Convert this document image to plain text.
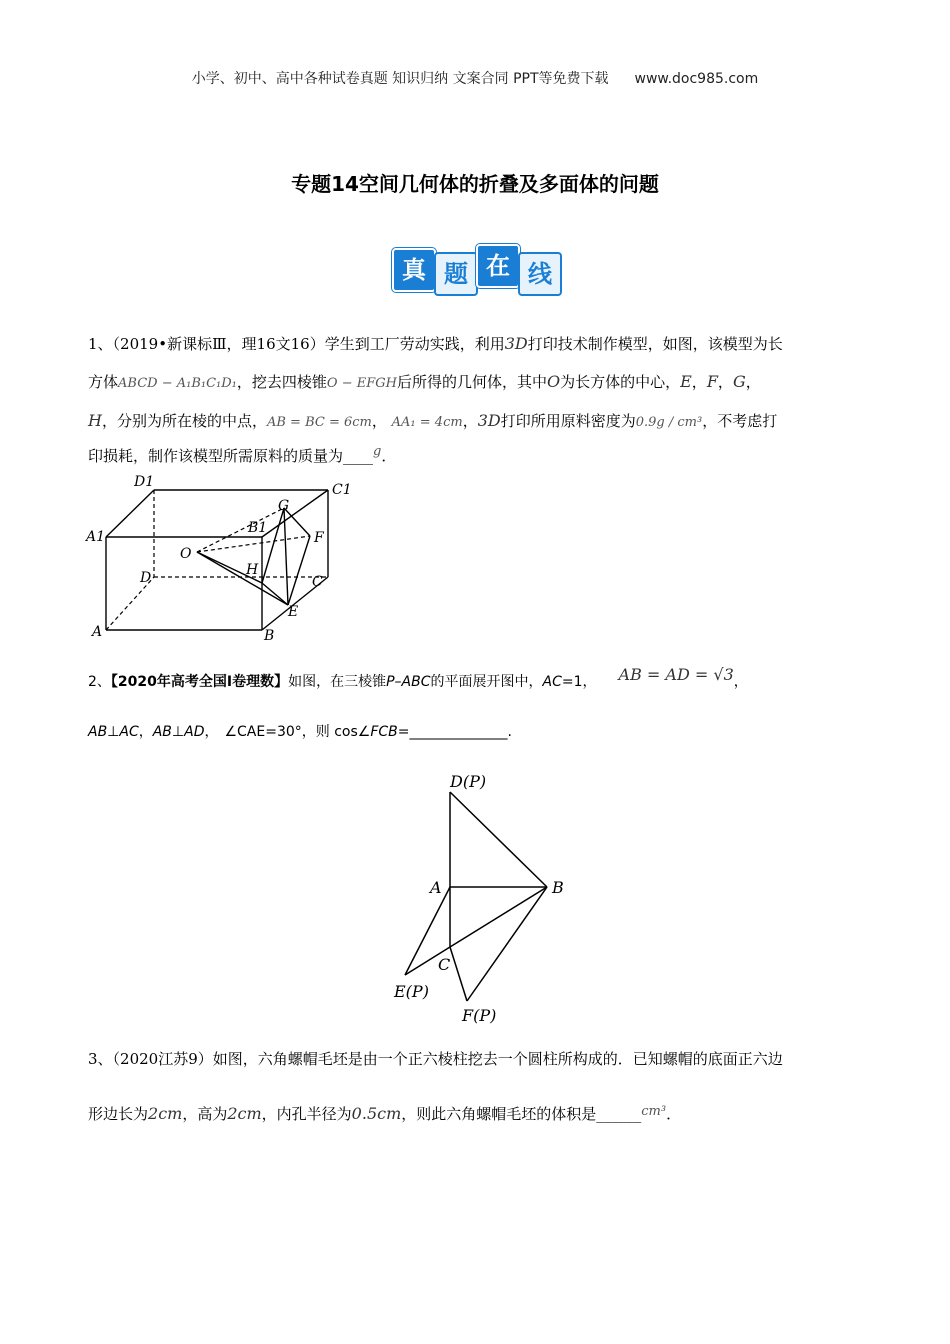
小学、初中、高中各种试卷真题 知识归纳 文案合同 PPT等免费下载 www.doc985.com
专题14空间几何体的折叠及多面体的问题
真 题 在 线
1、（2019•新课标Ⅲ，理16文16）学生到工厂劳动实践，利用3D打印技术制作模型，如图，该模型为长
方体ABCD − A₁B₁C₁D₁，挖去四棱锥O − EFGH后所得的几何体，其中O为长方体的中心，E，F，G，
H，分别为所在棱的中点，AB = BC = 6cm， AA₁ = 4cm，3D打印所用原料密度为0.9g / cm³，不考虑打
印损耗，制作该模型所需原料的质量为____g．
D1	C1
A1
B1
G
F
O
H
D	C
E
A	B
2、【2020年高考全国Ⅰ卷理数】如图，在三棱锥P–ABC的平面展开图中，AC=1， AB = AD = √3，
AB⊥AC，AB⊥AD， ∠CAE=30°，则 cos∠FCB=______________.
D(P)
A	B
C
E(P)
F(P)
3、（2020江苏9）如图，六角螺帽毛坯是由一个正六棱柱挖去一个圆柱所构成的．已知螺帽的底面正六边
形边长为2cm，高为2cm，内孔半径为0.5cm，则此六角螺帽毛坯的体积是______cm³．
